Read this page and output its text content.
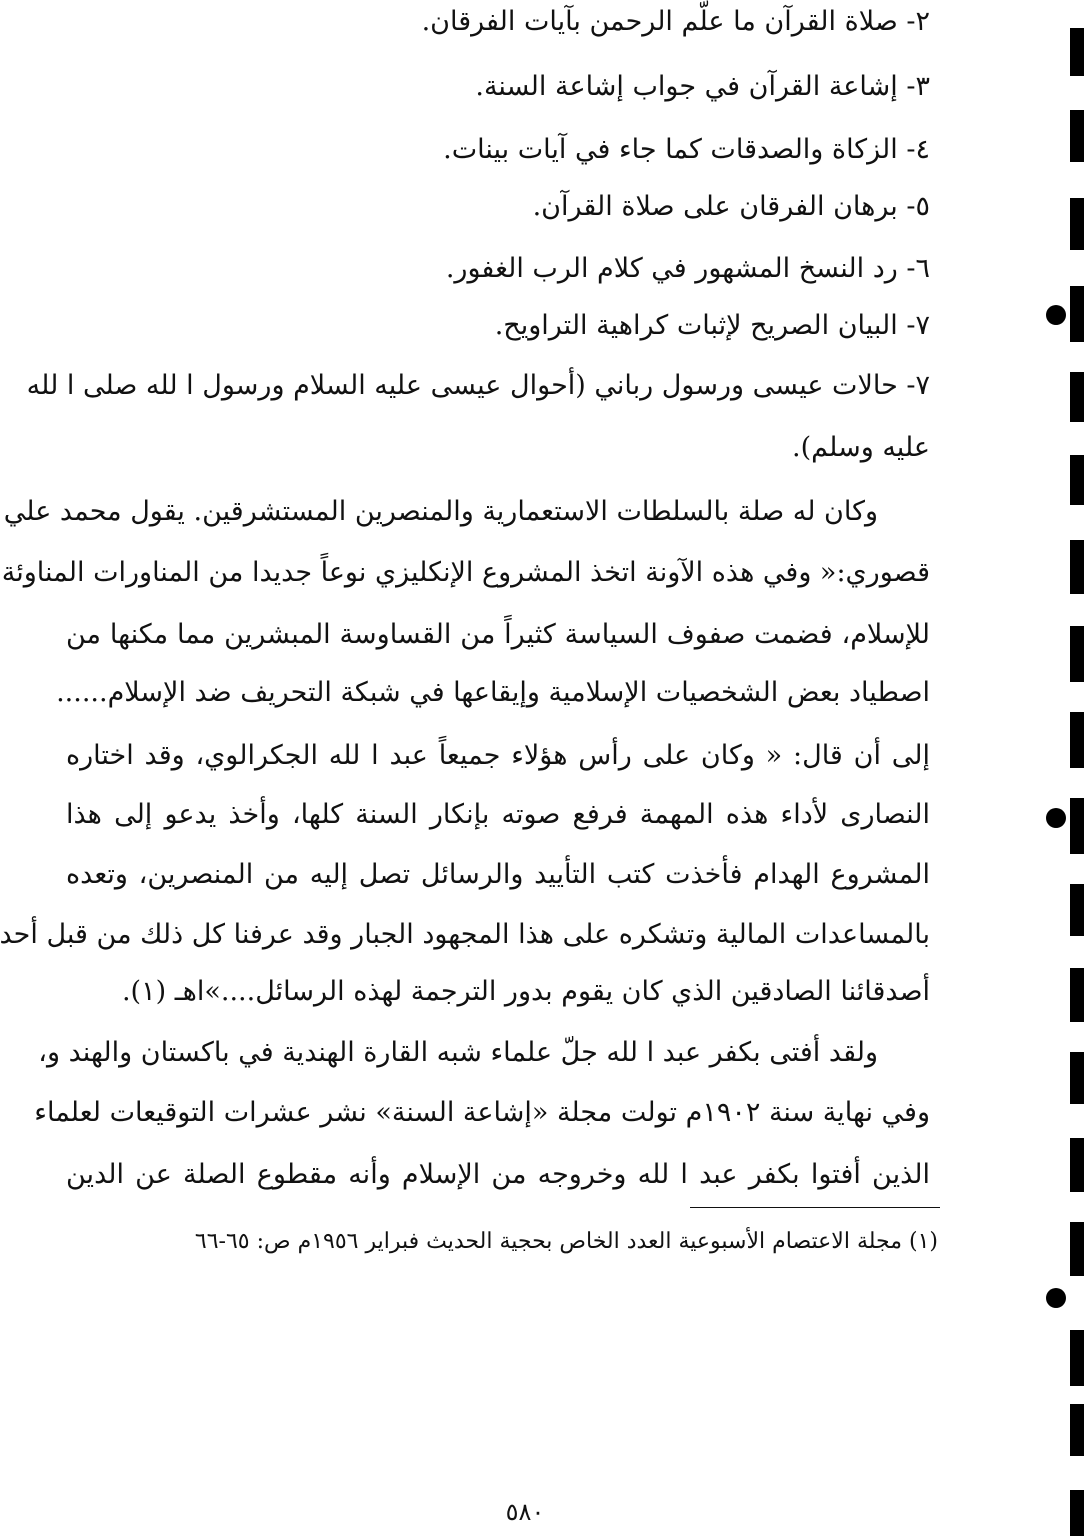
٢- صلاة القرآن ما علّم الرحمن بآيات الفرقان.
٣- إشاعة القرآن في جواب إشاعة السنة.
٤- الزكاة والصدقات كما جاء في آيات بينات.
٥- برهان الفرقان على صلاة القرآن.
٦- رد النسخ المشهور في كلام الرب الغفور.
٧- البيان الصريح لإثبات كراهية التراويح.
٧- حالات عيسى ورسول رباني (أحوال عيسى عليه السلام ورسول ا لله صلى ا لله
عليه وسلم).
وكان له صلة بالسلطات الاستعمارية والمنصرين المستشرقين. يقول محمد علي
قصوري:« وفي هذه الآونة اتخذ المشروع الإنكليزي نوعاً جديدا من المناورات المناوئة
للإسلام، فضمت صفوف السياسة كثيراً من القساوسة المبشرين مما مكنها من
اصطياد بعض الشخصيات الإسلامية وإيقاعها في شبكة التحريف ضد الإسلام......
إلى أن قال: « وكان على رأس هؤلاء جميعاً عبد ا لله الجكرالوي، وقد اختاره
النصارى لأداء هذه المهمة فرفع صوته بإنكار السنة كلها، وأخذ يدعو إلى هذا
المشروع الهدام فأخذت كتب التأييد والرسائل تصل إليه من المنصرين، وتعده
بالمساعدات المالية وتشكره على هذا المجهود الجبار وقد عرفنا كل ذلك من قبل أحد
أصدقائنا الصادقين الذي كان يقوم بدور الترجمة لهذه الرسائل....»اهـ (١).
ولقد أفتى بكفر عبد ا لله جلّ علماء شبه القارة الهندية في باكستان والهند و،
وفي نهاية سنة ١٩٠٢م تولت مجلة «إشاعة السنة» نشر عشرات التوقيعات لعلماء
الذين أفتوا بكفر عبد ا لله وخروجه من الإسلام وأنه مقطوع الصلة عن الدين
(١) مجلة الاعتصام الأسبوعية العدد الخاص بحجية الحديث فبراير ١٩٥٦م ص: ٦٥-٦٦
٥٨٠
